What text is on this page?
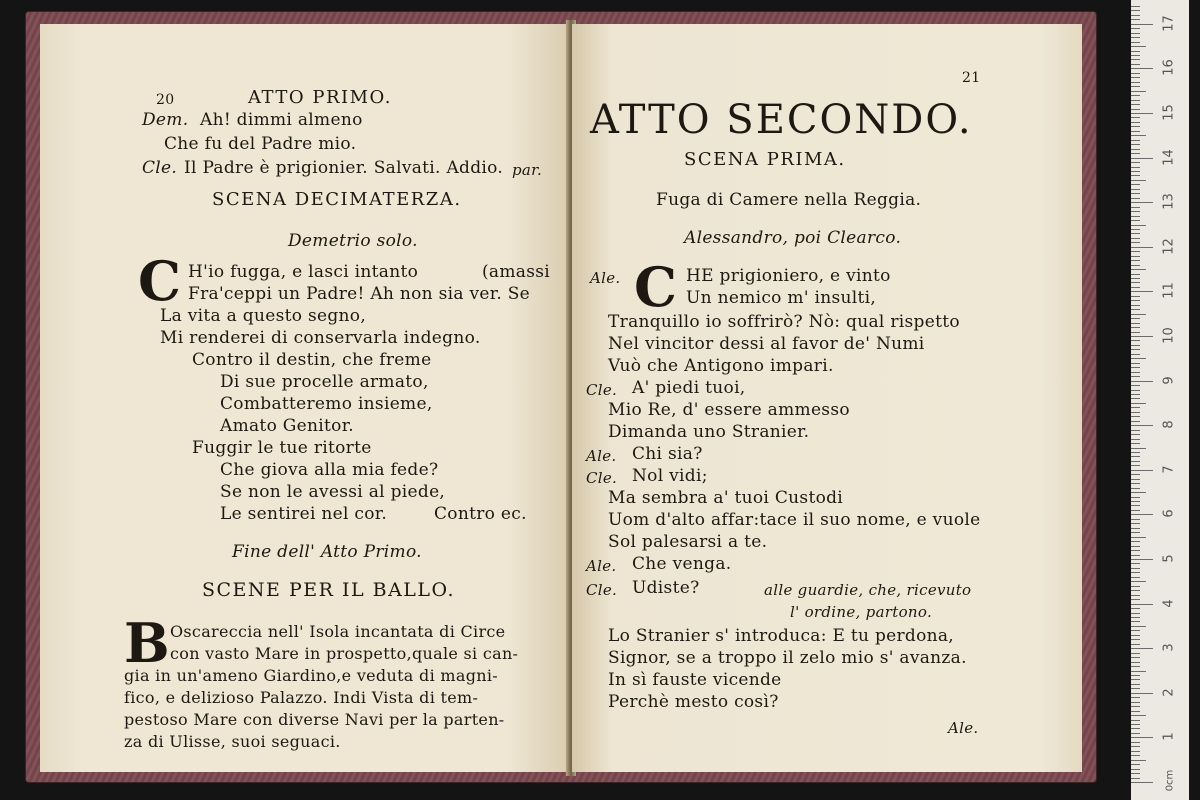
20	ATTO PRIMO.
Dem. Ah! dimmi almeno
Che fu del Padre mio.
Cle. Il Padre è prigionier. Salvati. Addio. par.
SCENA DECIMATERZA.
Demetrio solo.
C H'io fugga, e lasci intanto	(amassi
Fra'ceppi un Padre! Ah non sia ver. Se
La vita a questo segno,
Mi renderei di conservarla indegno.
Contro il destin, che freme
Di sue procelle armato,
Combatteremo insieme,
Amato Genitor.
Fuggir le tue ritorte
Che giova alla mia fede?
Se non le avessi al piede,
Le sentirei nel cor.	Contro ec.
Fine dell' Atto Primo.
SCENE PER IL BALLO.
B Oscareccia nell' Isola incantata di Circe
con vasto Mare in prospetto,quale si can-
gia in un'ameno Giardino,e veduta di magni-
fico, e delizioso Palazzo. Indi Vista di tem-
pestoso Mare con diverse Navi per la parten-
za di Ulisse, suoi seguaci.
21
ATTO SECONDO.
SCENA PRIMA.
Fuga di Camere nella Reggia.
Alessandro, poi Clearco.
Ale. C HE prigioniero, e vinto
Un nemico m' insulti,
Tranquillo io soffrirò? Nò: qual rispetto
Nel vincitor dessi al favor de' Numi
Vuò che Antigono impari.
Cle. A' piedi tuoi,
Mio Re, d' essere ammesso
Dimanda uno Stranier.
Ale. Chi sia?
Cle. Nol vidi;
Ma sembra a' tuoi Custodi
Uom d'alto affar:tace il suo nome, e vuole
Sol palesarsi a te.
Ale. Che venga.
Cle. Udiste?	alle guardie, che, ricevuto
l' ordine, partono.
Lo Stranier s' introduca: E tu perdona,
Signor, se a troppo il zelo mio s' avanza.
In sì fauste vicende
Perchè mesto così?
Ale.
0cm
1
2
3
4
5
6
7
8
9
10
11
12
13
14
15
16
17
